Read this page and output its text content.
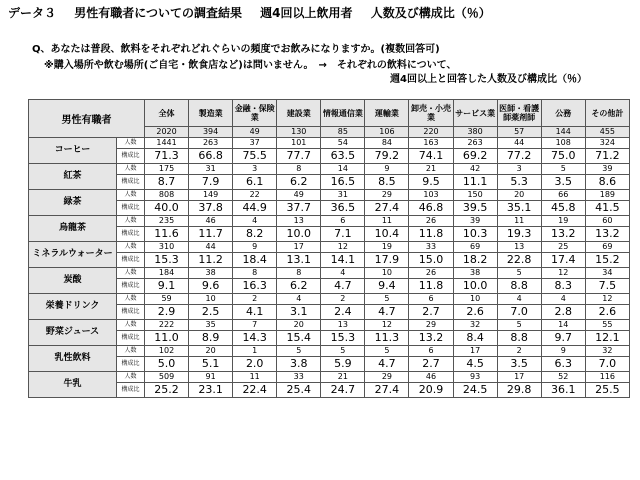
データ３ 男性有職者についての調査結果 週4回以上飲用者 人数及び構成比（％）
Q、あなたは普段、飲料をそれぞれどれぐらいの頻度でお飲みになりますか。(複数回答可)
※購入場所や飲む場所(ご自宅・飲食店など)は問いません。　→　それぞれの飲料について、
週4回以上と回答した人数及び構成比（％）
男性有職者		全体	製造業	金融・保険業	建設業	情報通信業	運輸業	卸売・小売業	サービス業	医師・看護師薬剤師	公務	その他計
		2020	394	49	130	85	106	220	380	57	144	455
コーヒー	人数	1441	263	37	101	54	84	163	263	44	108	324
	構成比	71.3	66.8	75.5	77.7	63.5	79.2	74.1	69.2	77.2	75.0	71.2
紅茶	人数	175	31	3	8	14	9	21	42	3	5	39
	構成比	8.7	7.9	6.1	6.2	16.5	8.5	9.5	11.1	5.3	3.5	8.6
緑茶	人数	808	149	22	49	31	29	103	150	20	66	189
	構成比	40.0	37.8	44.9	37.7	36.5	27.4	46.8	39.5	35.1	45.8	41.5
烏龍茶	人数	235	46	4	13	6	11	26	39	11	19	60
	構成比	11.6	11.7	8.2	10.0	7.1	10.4	11.8	10.3	19.3	13.2	13.2
ミネラルウォーター	人数	310	44	9	17	12	19	33	69	13	25	69
	構成比	15.3	11.2	18.4	13.1	14.1	17.9	15.0	18.2	22.8	17.4	15.2
炭酸	人数	184	38	8	8	4	10	26	38	5	12	34
	構成比	9.1	9.6	16.3	6.2	4.7	9.4	11.8	10.0	8.8	8.3	7.5
栄養ドリンク	人数	59	10	2	4	2	5	6	10	4	4	12
	構成比	2.9	2.5	4.1	3.1	2.4	4.7	2.7	2.6	7.0	2.8	2.6
野菜ジュース	人数	222	35	7	20	13	12	29	32	5	14	55
	構成比	11.0	8.9	14.3	15.4	15.3	11.3	13.2	8.4	8.8	9.7	12.1
乳性飲料	人数	102	20	1	5	5	5	6	17	2	9	32
	構成比	5.0	5.1	2.0	3.8	5.9	4.7	2.7	4.5	3.5	6.3	7.0
牛乳	人数	509	91	11	33	21	29	46	93	17	52	116
	構成比	25.2	23.1	22.4	25.4	24.7	27.4	20.9	24.5	29.8	36.1	25.5
